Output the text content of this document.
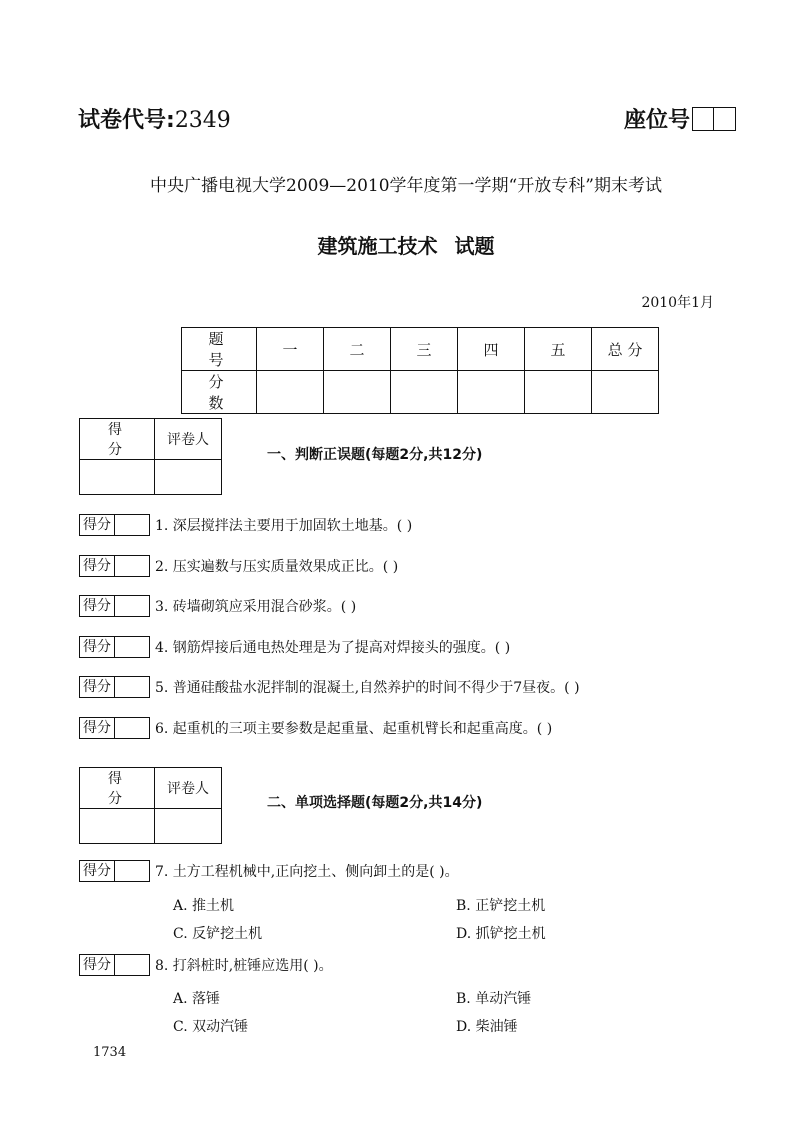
试卷代号:2349	座位号
中央广播电视大学2009—2010学年度第一学期“开放专科”期末考试
建筑施工技术 试题
2010年1月
题 号	一	二	三	四	五	总 分
分 数						
得 分	评卷人

一、判断正误题(每题2分,共12分)
得分	1. 深层搅拌法主要用于加固软土地基。( )
得分	2. 压实遍数与压实质量效果成正比。( )
得分	3. 砖墙砌筑应采用混合砂浆。( )
得分	4. 钢筋焊接后通电热处理是为了提高对焊接头的强度。( )
得分	5. 普通硅酸盐水泥拌制的混凝土,自然养护的时间不得少于7昼夜。( )
得分	6. 起重机的三项主要参数是起重量、起重机臂长和起重高度。( )
得 分	评卷人

二、单项选择题(每题2分,共14分)
得分	7. 土方工程机械中,正向挖土、侧向卸土的是( )。
A. 推土机	B. 正铲挖土机
C. 反铲挖土机	D. 抓铲挖土机
得分	8. 打斜桩时,桩锤应选用( )。
A. 落锤	B. 单动汽锤
C. 双动汽锤	D. 柴油锤
1734
